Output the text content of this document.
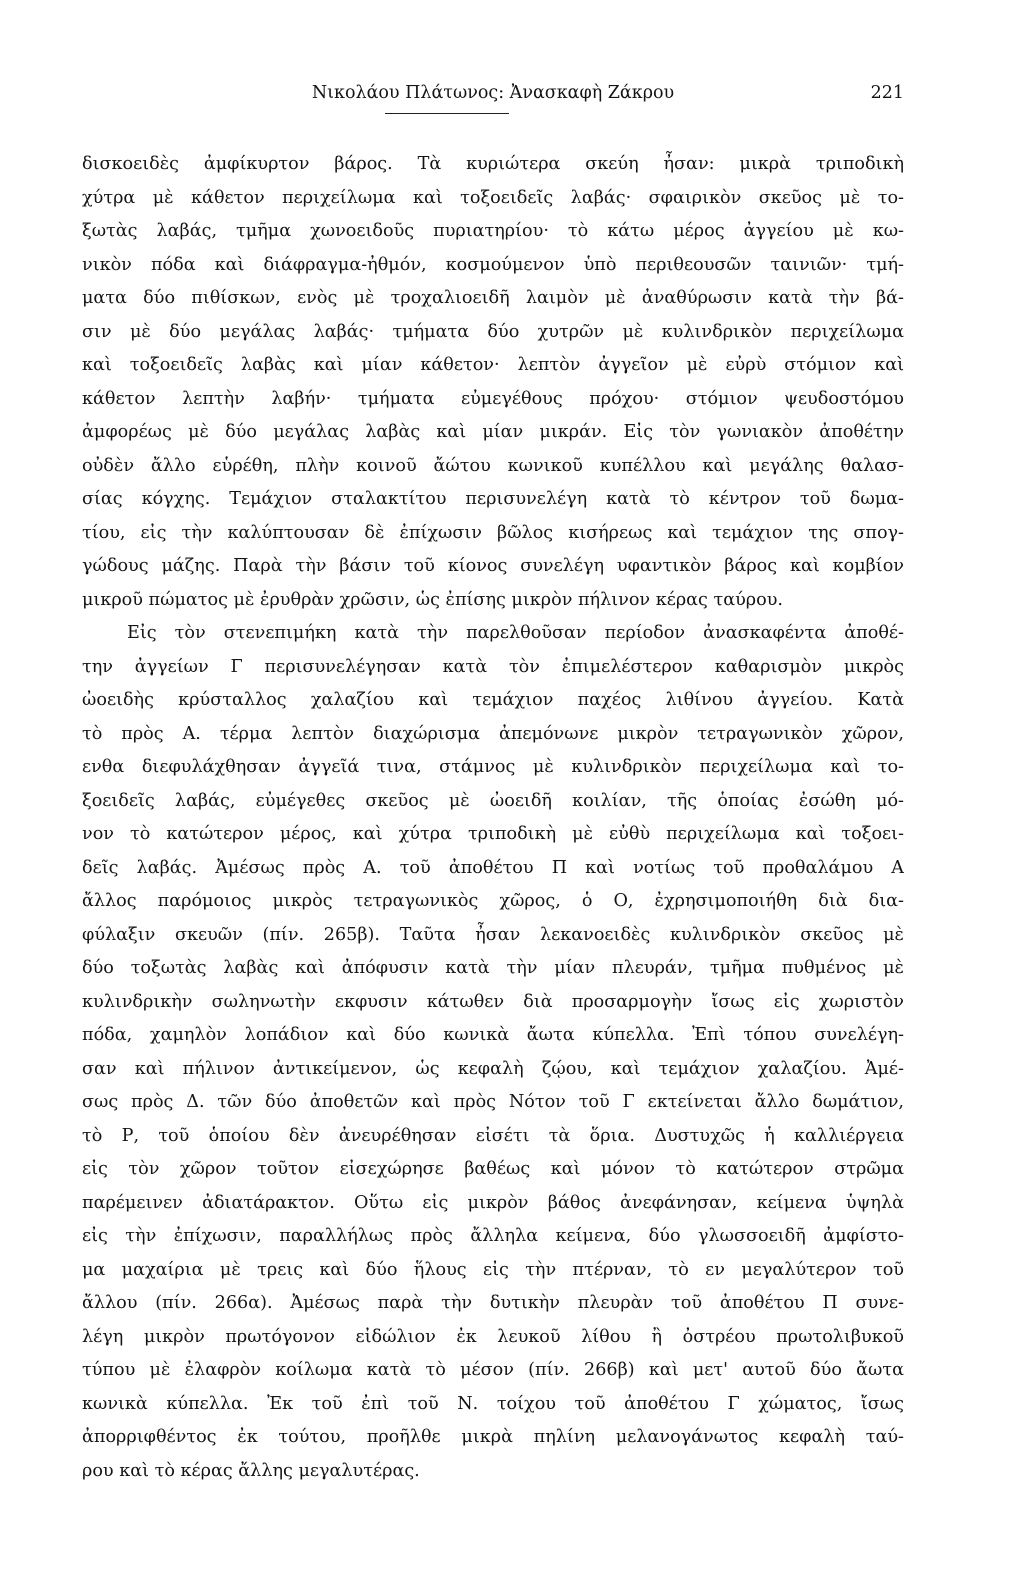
Νικολάου Πλάτωνος: Ἀνασκαφὴ Ζάκρου	221
δισκοειδὲς ἀμφίκυρτον βάρος. Τὰ κυριώτερα σκεύη ἦσαν: μικρὰ τριποδικὴ
χύτρα μὲ κάθετον περιχείλωμα καὶ τοξοειδεῖς λαβάς· σφαιρικὸν σκεῦος μὲ το-
ξωτὰς λαβάς, τμῆμα χωνοειδοῦς πυριατηρίου· τὸ κάτω μέρος ἀγγείου μὲ κω-
νικὸν πόδα καὶ διάφραγμα-ἠθμόν, κοσμούμενον ὑπὸ περιθεουσῶν ταινιῶν· τμή-
ματα δύο πιθίσκων, ενὸς μὲ τροχαλιοειδῆ λαιμὸν μὲ ἀναθύρωσιν κατὰ τὴν βά-
σιν μὲ δύο μεγάλας λαβάς· τμήματα δύο χυτρῶν μὲ κυλινδρικὸν περιχείλωμα
καὶ τοξοειδεῖς λαβὰς καὶ μίαν κάθετον· λεπτὸν ἀγγεῖον μὲ εὐρὺ στόμιον καὶ
κάθετον λεπτὴν λαβήν· τμήματα εὐμεγέθους πρόχου· στόμιον ψευδοστόμου
ἀμφορέως μὲ δύο μεγάλας λαβὰς καὶ μίαν μικράν. Εἰς τὸν γωνιακὸν ἀποθέτην
οὐδὲν ἄλλο εὑρέθη, πλὴν κοινοῦ ἄώτου κωνικοῦ κυπέλλου καὶ μεγάλης θαλασ-
σίας κόγχης. Τεμάχιον σταλακτίτου περισυνελέγη κατὰ τὸ κέντρον τοῦ δωμα-
τίου, εἰς τὴν καλύπτουσαν δὲ ἐπίχωσιν βῶλος κισήρεως καὶ τεμάχιον της σπογ-
γώδους μάζης. Παρὰ τὴν βάσιν τοῦ κίονος συνελέγη υφαντικὸν βάρος καὶ κομβίον
μικροῦ πώματος μὲ ἐρυθρὰν χρῶσιν, ὡς ἐπίσης μικρὸν πήλινον κέρας ταύρου.
Εἰς τὸν στενεπιμήκη κατὰ τὴν παρελθοῦσαν περίοδον ἀνασκαφέντα ἀποθέ-
την ἀγγείων Γ περισυνελέγησαν κατὰ τὸν ἐπιμελέστερον καθαρισμὸν μικρὸς
ὠοειδὴς κρύσταλλος χαλαζίου καὶ τεμάχιον παχέος λιθίνου ἀγγείου. Κατὰ
τὸ πρὸς Α. τέρμα λεπτὸν διαχώρισμα ἀπεμόνωνε μικρὸν τετραγωνικὸν χῶρον,
ενθα διεφυλάχθησαν ἀγγεῖά τινα, στάμνος μὲ κυλινδρικὸν περιχείλωμα καὶ το-
ξοειδεῖς λαβάς, εὐμέγεθες σκεῦος μὲ ὠοειδῆ κοιλίαν, τῆς ὁποίας ἐσώθη μό-
νον τὸ κατώτερον μέρος, καὶ χύτρα τριποδικὴ μὲ εὐθὺ περιχείλωμα καὶ τοξοει-
δεῖς λαβάς. Ἀμέσως πρὸς Α. τοῦ ἀποθέτου Π καὶ νοτίως τοῦ προθαλάμου Α
ἄλλος παρόμοιος μικρὸς τετραγωνικὸς χῶρος, ὁ Ο, ἐχρησιμοποιήθη διὰ δια-
φύλαξιν σκευῶν (πίν. 265β). Ταῦτα ἦσαν λεκανοειδὲς κυλινδρικὸν σκεῦος μὲ
δύο τοξωτὰς λαβὰς καὶ ἀπόφυσιν κατὰ τὴν μίαν πλευράν, τμῆμα πυθμένος μὲ
κυλινδρικὴν σωληνωτὴν εκφυσιν κάτωθεν διὰ προσαρμογὴν ἴσως εἰς χωριστὸν
πόδα, χαμηλὸν λοπάδιον καὶ δύο κωνικὰ ἄωτα κύπελλα. Ἐπὶ τόπου συνελέγη-
σαν καὶ πήλινον ἀντικείμενον, ὡς κεφαλὴ ζῴου, καὶ τεμάχιον χαλαζίου. Ἀμέ-
σως πρὸς Δ. τῶν δύο ἀποθετῶν καὶ πρὸς Νότον τοῦ Γ εκτείνεται ἄλλο δωμάτιον,
τὸ Ρ, τοῦ ὁποίου δὲν ἀνευρέθησαν εἰσέτι τὰ ὅρια. Δυστυχῶς ἡ καλλιέργεια
εἰς τὸν χῶρον τοῦτον εἰσεχώρησε βαθέως καὶ μόνον τὸ κατώτερον στρῶμα
παρέμεινεν ἀδιατάρακτον. Οὕτω εἰς μικρὸν βάθος ἀνεφάνησαν, κείμενα ὑψηλὰ
εἰς τὴν ἐπίχωσιν, παραλλήλως πρὸς ἄλληλα κείμενα, δύο γλωσσοειδῆ ἀμφίστο-
μα μαχαίρια μὲ τρεις καὶ δύο ἥλους εἰς τὴν πτέρναν, τὸ εν μεγαλύτερον τοῦ
ἄλλου (πίν. 266α). Ἀμέσως παρὰ τὴν δυτικὴν πλευρὰν τοῦ ἀποθέτου Π συνε-
λέγη μικρὸν πρωτόγονον εἰδώλιον ἐκ λευκοῦ λίθου ἢ ὀστρέου πρωτολιβυκοῦ
τύπου μὲ ἐλαφρὸν κοίλωμα κατὰ τὸ μέσον (πίν. 266β) καὶ μετ' αυτοῦ δύο ἄωτα
κωνικὰ κύπελλα. Ἐκ τοῦ ἐπὶ τοῦ Ν. τοίχου τοῦ ἀποθέτου Γ χώματος, ἴσως
ἀπορριφθέντος ἐκ τούτου, προῆλθε μικρὰ πηλίνη μελανογάνωτος κεφαλὴ ταύ-
ρου καὶ τὸ κέρας ἄλλης μεγαλυτέρας.
